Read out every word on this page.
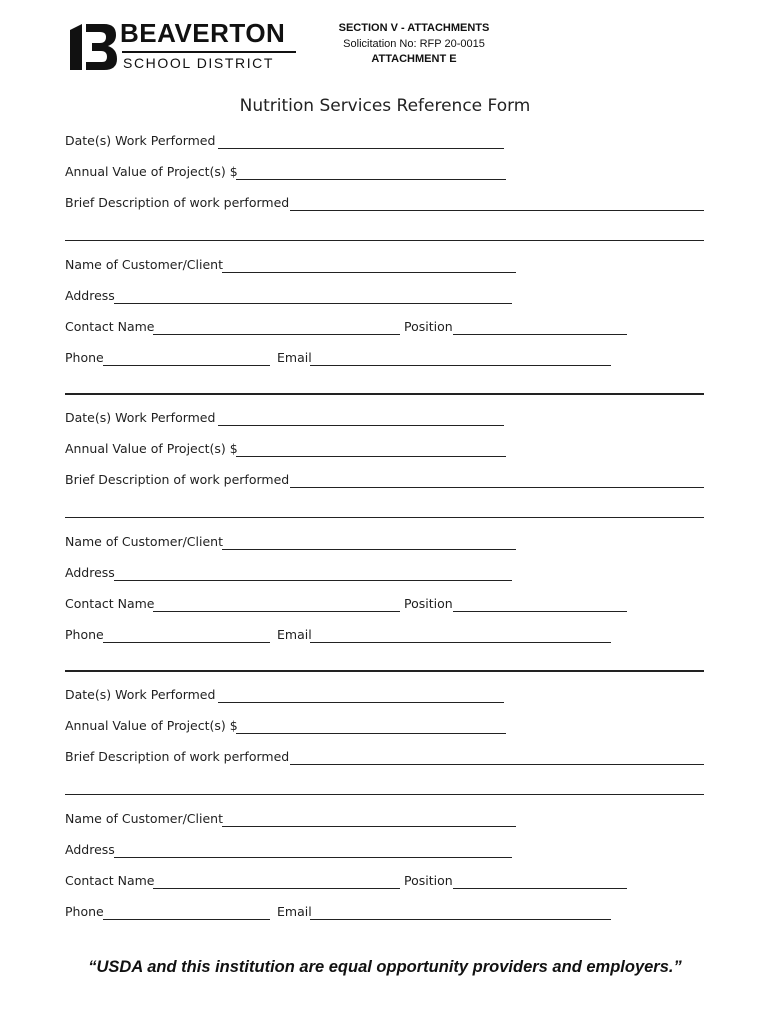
BEAVERTON
SCHOOL DISTRICT
SECTION V - ATTACHMENTS
Solicitation No: RFP 20-0015
ATTACHMENT E
Nutrition Services Reference Form
Date(s) Work Performed
Annual Value of Project(s) $
Brief Description of work performed
Name of Customer/Client
Address
Contact Name	Position
Phone	Email
Date(s) Work Performed
Annual Value of Project(s) $
Brief Description of work performed
Name of Customer/Client
Address
Contact Name	Position
Phone	Email
Date(s) Work Performed
Annual Value of Project(s) $
Brief Description of work performed
Name of Customer/Client
Address
Contact Name	Position
Phone	Email
“USDA and this institution are equal opportunity providers and employers.”
